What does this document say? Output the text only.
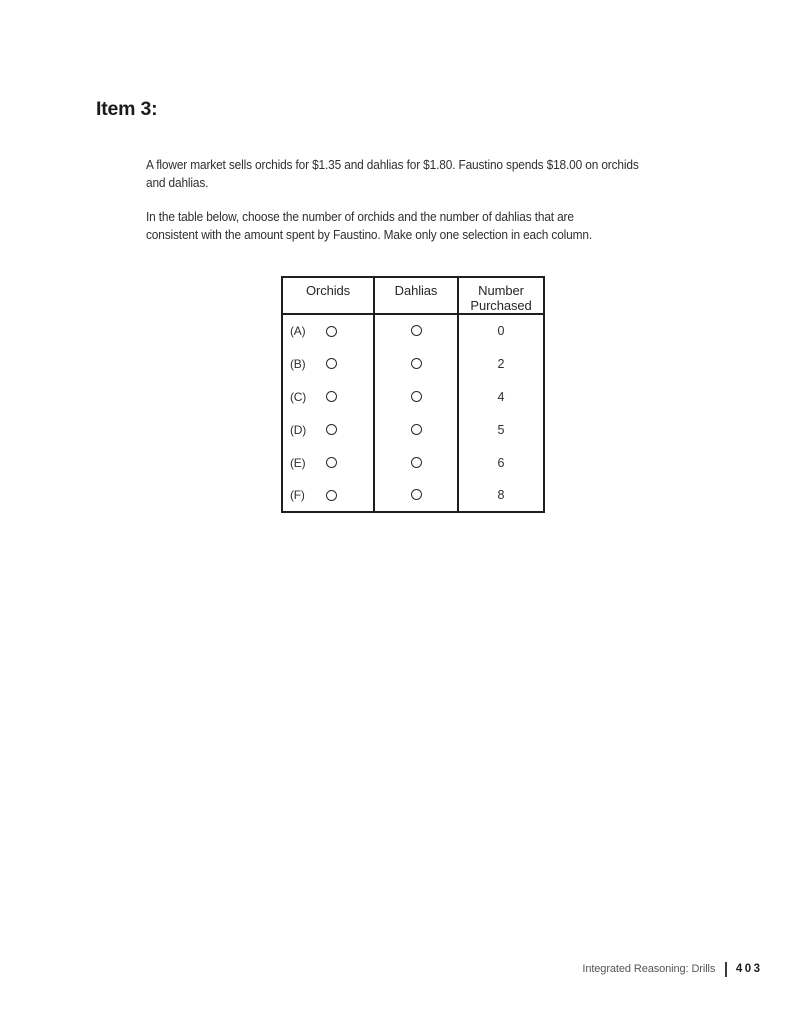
Item 3:
A flower market sells orchids for $1.35 and dahlias for $1.80. Faustino spends $18.00 on orchids
and dahlias.
In the table below, choose the number of orchids and the number of dahlias that are
consistent with the amount spent by Faustino. Make only one selection in each column.
Orchids	Dahlias	Number Purchased

(A)		0

(B)		2

(C)		4

(D)		5

(E)		6

(F)		8
Integrated Reasoning: Drills 403
